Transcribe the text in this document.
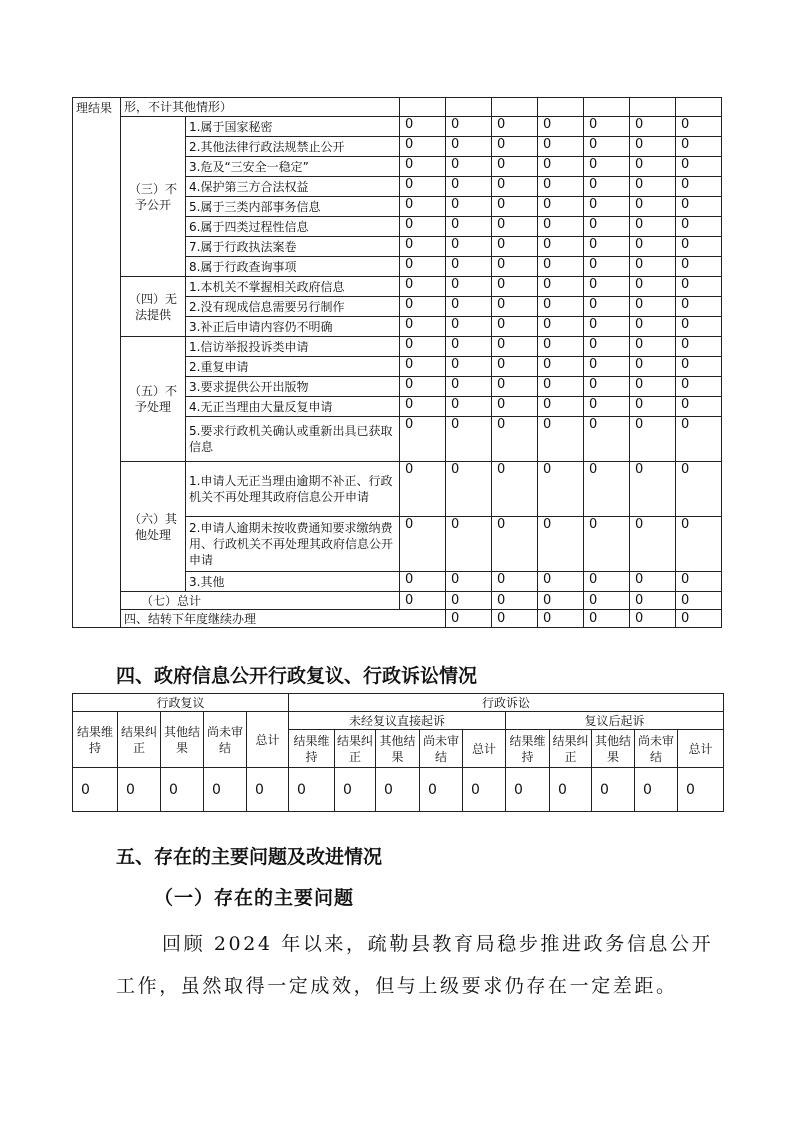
理结果	形，不计其他情形）									
	（三）不予公开	1.属于国家秘密	0	0	0	0	0	0	0	
		2.其他法律行政法规禁止公开	0	0	0	0	0	0	0	
		3.危及“三安全一稳定”	0	0	0	0	0	0	0	
		4.保护第三方合法权益	0	0	0	0	0	0	0	
		5.属于三类内部事务信息	0	0	0	0	0	0	0	
		6.属于四类过程性信息	0	0	0	0	0	0	0	
		7.属于行政执法案卷	0	0	0	0	0	0	0	
		8.属于行政查询事项	0	0	0	0	0	0	0	
	（四）无法提供	1.本机关不掌握相关政府信息	0	0	0	0	0	0	0	
		2.没有现成信息需要另行制作	0	0	0	0	0	0	0	
		3.补正后申请内容仍不明确	0	0	0	0	0	0	0	
	（五）不予处理	1.信访举报投诉类申请	0	0	0	0	0	0	0	
		2.重复申请	0	0	0	0	0	0	0	
		3.要求提供公开出版物	0	0	0	0	0	0	0	
		4.无正当理由大量反复申请	0	0	0	0	0	0	0	
		5.要求行政机关确认或重新出具已获取信息	0	0	0	0	0	0	0	
	（六）其他处理	1.申请人无正当理由逾期不补正、行政机关不再处理其政府信息公开申请	0	0	0	0	0	0	0	
		2.申请人逾期未按收费通知要求缴纳费用、行政机关不再处理其政府信息公开申请	0	0	0	0	0	0	0	
		3.其他	0	0	0	0	0	0	0	
	（七）总计		0	0	0	0	0	0	0	
	四、结转下年度继续办理			0	0	0	0	0	0	
四、政府信息公开行政复议、行政诉讼情况
行政复议					行政诉讼									
结果维持	结果纠正	其他结果	尚未审结	总计	未经复议直接起诉					复议后起诉				
					结果维持	结果纠正	其他结果	尚未审结	总计	结果维持	结果纠正	其他结果	尚未审结	总计
0	0	0	0	0	0	0	0	0	0	0	0	0	0	0
五、存在的主要问题及改进情况
（一）存在的主要问题
回顾 2024 年以来，疏勒县教育局稳步推进政务信息公开
工作，虽然取得一定成效，但与上级要求仍存在一定差距。
